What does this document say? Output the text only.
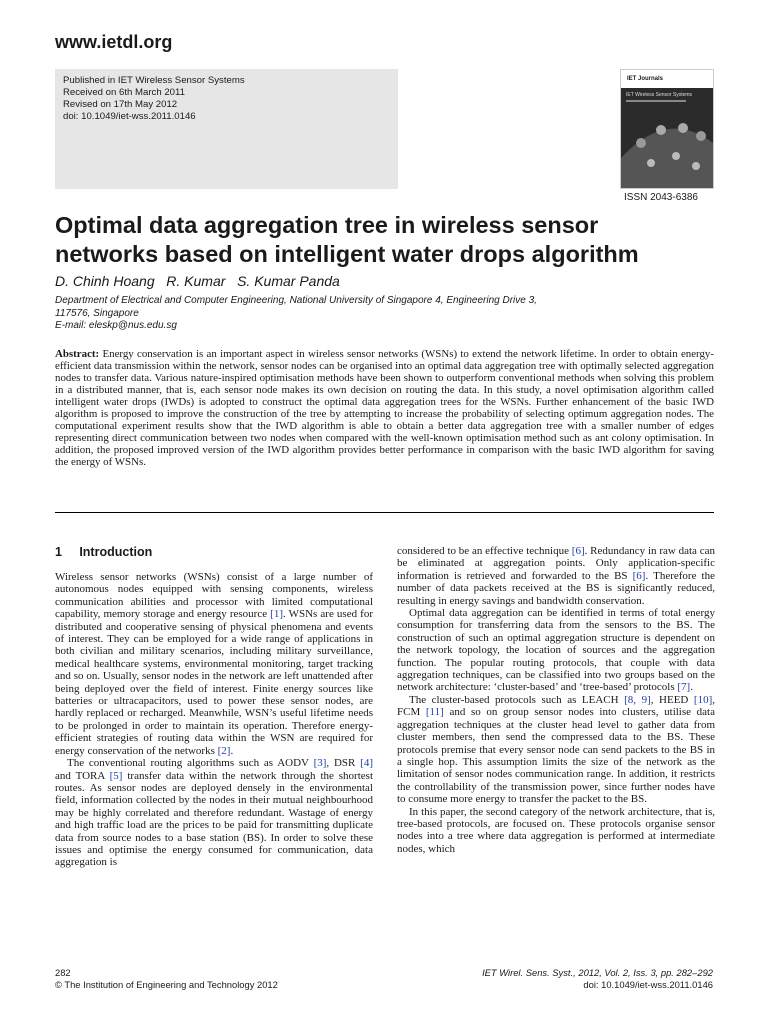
www.ietdl.org
Published in IET Wireless Sensor Systems
Received on 6th March 2011
Revised on 17th May 2012
doi: 10.1049/iet-wss.2011.0146
IET Journals
IET Wireless Sensor Systems
ISSN 2043-6386
Optimal data aggregation tree in wireless sensor
networks based on intelligent water drops algorithm
D. Chinh Hoang   R. Kumar   S. Kumar Panda
Department of Electrical and Computer Engineering, National University of Singapore 4, Engineering Drive 3,
117576, Singapore
E-mail: eleskp@nus.edu.sg
Abstract: Energy conservation is an important aspect in wireless sensor networks (WSNs) to extend the network lifetime. In order to obtain energy-efficient data transmission within the network, sensor nodes can be organised into an optimal data aggregation tree with optimally selected aggregation nodes to transfer data. Various nature-inspired optimisation methods have been shown to outperform conventional methods when solving this problem in a distributed manner, that is, each sensor node makes its own decision on routing the data. In this study, a novel optimisation algorithm called intelligent water drops (IWDs) is adopted to construct the optimal data aggregation trees for the WSNs. Further enhancement of the basic IWD algorithm is proposed to improve the construction of the tree by attempting to increase the probability of selecting optimum aggregation nodes. The computational experiment results show that the IWD algorithm is able to obtain a better data aggregation tree with a smaller number of edges representing direct communication between two nodes when compared with the well-known optimisation method such as ant colony optimisation. In addition, the proposed improved version of the IWD algorithm provides better performance in comparison with the basic IWD algorithm for saving the energy of WSNs.
1 Introduction

Wireless sensor networks (WSNs) consist of a large number of autonomous nodes equipped with sensing components, wireless communication abilities and processor with limited computational capability, memory storage and energy resource [1]. WSNs are used for distributed and cooperative sensing of physical phenomena and events of interest. They can be employed for a wide range of applications in both civilian and military scenarios, including military surveillance, medical healthcare systems, environmental monitoring, target tracking and so on. Usually, sensor nodes in the network are left unattended after being deployed over the field of interest. Finite energy sources like batteries or ultracapacitors, used to power these sensor nodes, are hardly replaced or recharged. Meanwhile, WSN’s useful lifetime needs to be prolonged in order to maintain its operation. Therefore energy-efficient strategies of routing data within the WSN are required for energy conservation of the networks [2].

The conventional routing algorithms such as AODV [3], DSR [4] and TORA [5] transfer data within the network through the shortest routes. As sensor nodes are deployed densely in the environmental field, information collected by the nodes in their mutual neighbourhood may be highly correlated and therefore redundant. Wastage of energy and high traffic load are the prices to be paid for transmitting duplicate data from source nodes to a base station (BS). In order to solve these issues and optimise the energy consumed for communication, data aggregation is

considered to be an effective technique [6]. Redundancy in raw data can be eliminated at aggregation points. Only application-specific information is retrieved and forwarded to the BS [6]. Therefore the number of data packets received at the BS is significantly reduced, resulting in energy savings and bandwidth conservation.

Optimal data aggregation can be identified in terms of total energy consumption for transferring data from the sensors to the BS. The construction of such an optimal aggregation structure is dependent on the network topology, the location of sources and the aggregation function. The popular routing protocols, that couple with data aggregation techniques, can be classified into two groups based on the network architecture: ‘cluster-based’ and ‘tree-based’ protocols [7].

The cluster-based protocols such as LEACH [8, 9], HEED [10], FCM [11] and so on group sensor nodes into clusters, utilise data aggregation techniques at the cluster head level to gather data from cluster members, then send the compressed data to the BS. These protocols premise that every sensor node can send packets to the BS in a single hop. This assumption limits the size of the network as the limitation of sensor nodes communication range. In addition, it restricts the controllability of the transmission power, since further nodes have to consume more energy to transfer the packet to the BS.

In this paper, the second category of the network architecture, that is, tree-based protocols, are focused on. These protocols organise sensor nodes into a tree where data aggregation is performed at intermediate nodes, which

282
© The Institution of Engineering and Technology 2012
IET Wirel. Sens. Syst., 2012, Vol. 2, Iss. 3, pp. 282–292
doi: 10.1049/iet-wss.2011.0146
